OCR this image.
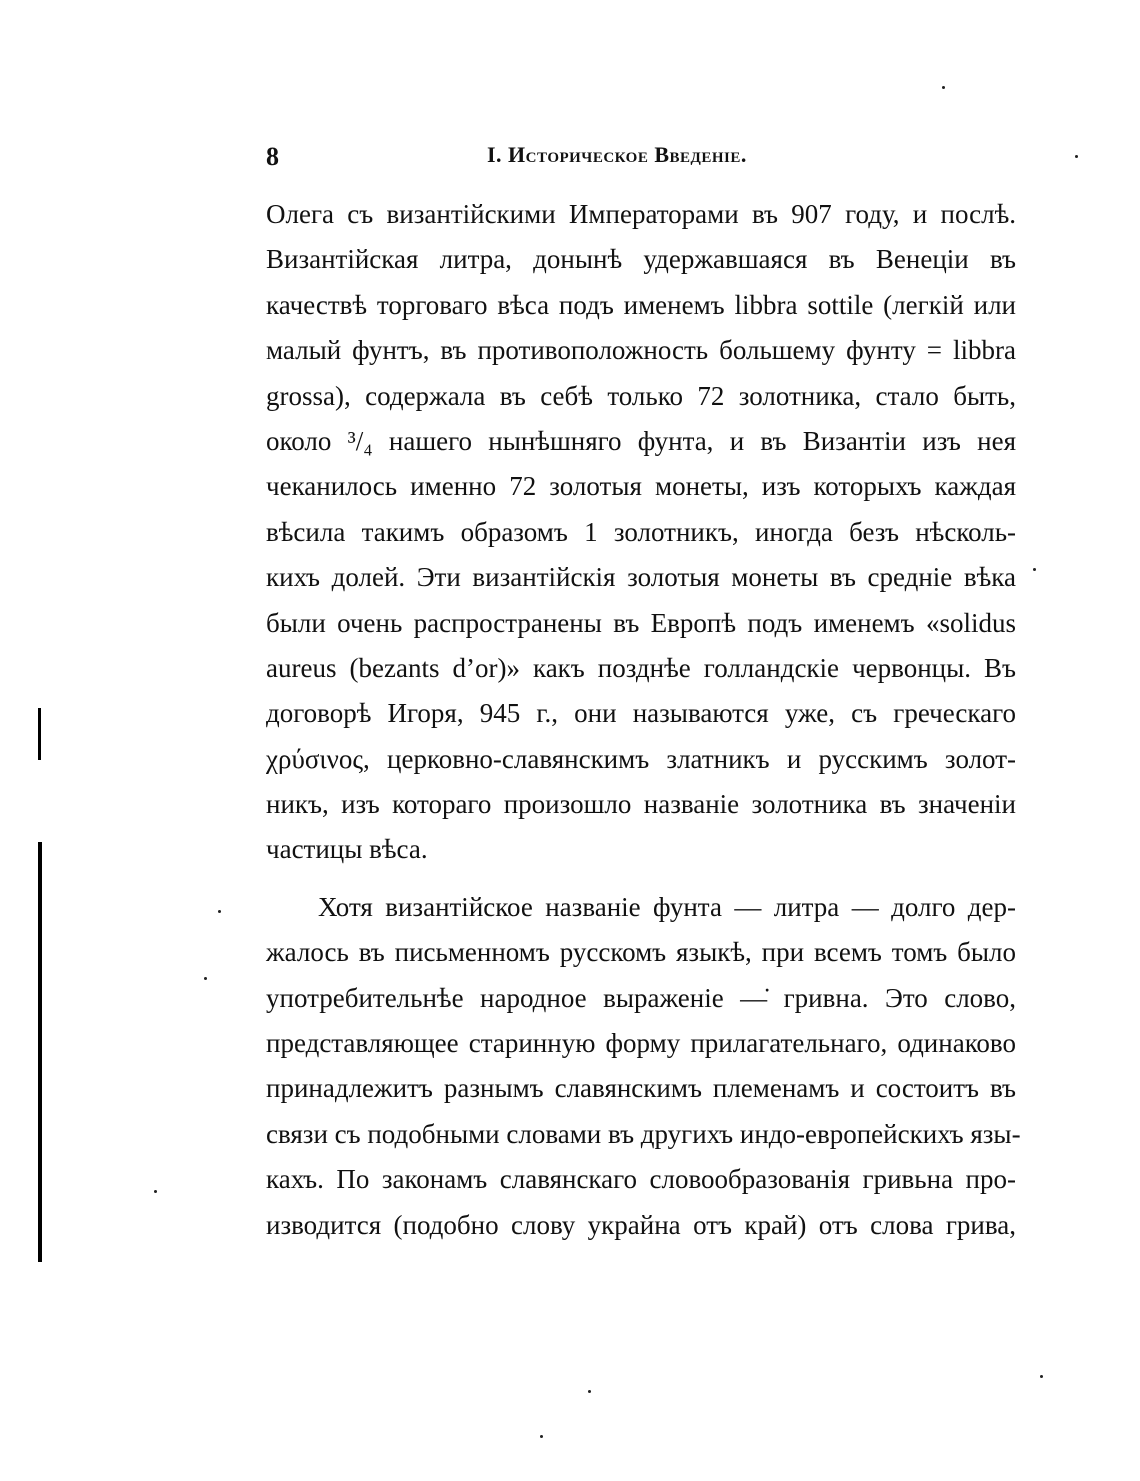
8	I. Историческое Введеніе.
Олега съ византійскими Императорами въ 907 году, и послѣ.
Византійская литра, донынѣ удержавшаяся въ Венеціи въ
качествѣ торговаго вѣса подъ именемъ libbra sottile (легкій или
малый фунтъ, въ противоположность большему фунту = libbra
grossa), содержала въ себѣ только 72 золотника, стало быть,
около ³/₄ нашего нынѣшняго фунта, и въ Византіи изъ нея
чеканилось именно 72 золотыя монеты, изъ которыхъ каждая
вѣсила такимъ образомъ 1 золотникъ, иногда безъ нѣсколь-
кихъ долей. Эти византійскія золотыя монеты въ средніе вѣка
были очень распространены въ Европѣ подъ именемъ «solidus
aureus (bezants d’or)» какъ позднѣе голландскіе червонцы. Въ
договорѣ Игоря, 945 г., они называются уже, съ греческаго
χρύσινος, церковно-славянскимъ златникъ и русскимъ золот-
никъ, изъ котораго произошло названіе золотника въ значеніи
частицы вѣса.
Хотя византійское названіе фунта — литра — долго дер-
жалось въ письменномъ русскомъ языкѣ, при всемъ томъ было
употребительнѣе народное выраженіе —̇ гривна. Это слово,
представляющее старинную форму прилагательнаго, одинаково
принадлежитъ разнымъ славянскимъ племенамъ и состоитъ въ
связи съ подобными словами въ другихъ индо-европейскихъ язы-
кахъ. По законамъ славянскаго словообразованія гривьна про-
изводится (подобно слову украйна отъ край) отъ слова грива,
